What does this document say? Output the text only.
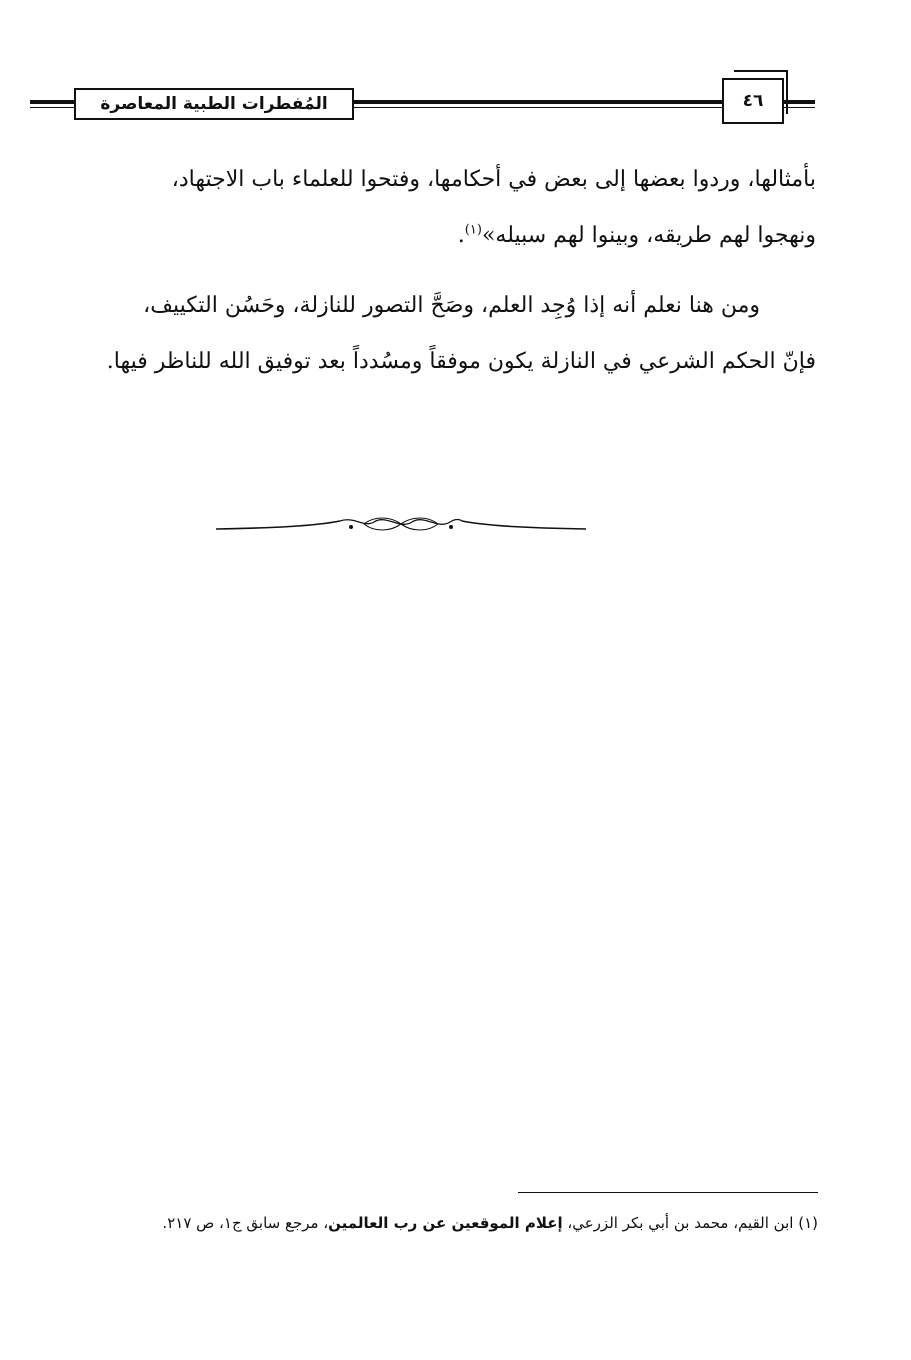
المُفطرات الطبية المعاصرة	٤٦
بأمثالها، وردوا بعضها إلى بعض في أحكامها، وفتحوا للعلماء باب الاجتهاد،
ونهجوا لهم طريقه، وبينوا لهم سبيله»$^{(١)}$.
ومن هنا نعلم أنه إذا وُجِد العلم، وصَحَّ التصور للنازلة، وحَسُن التكييف،
فإنّ الحكم الشرعي في النازلة يكون موفقاً ومسُدداً بعد توفيق الله للناظر فيها.
(١) ابن القيم، محمد بن أبي بكر الزرعي، إعلام الموقعين عن رب العالمين، مرجع سابق ج١، ص ٢١٧.
